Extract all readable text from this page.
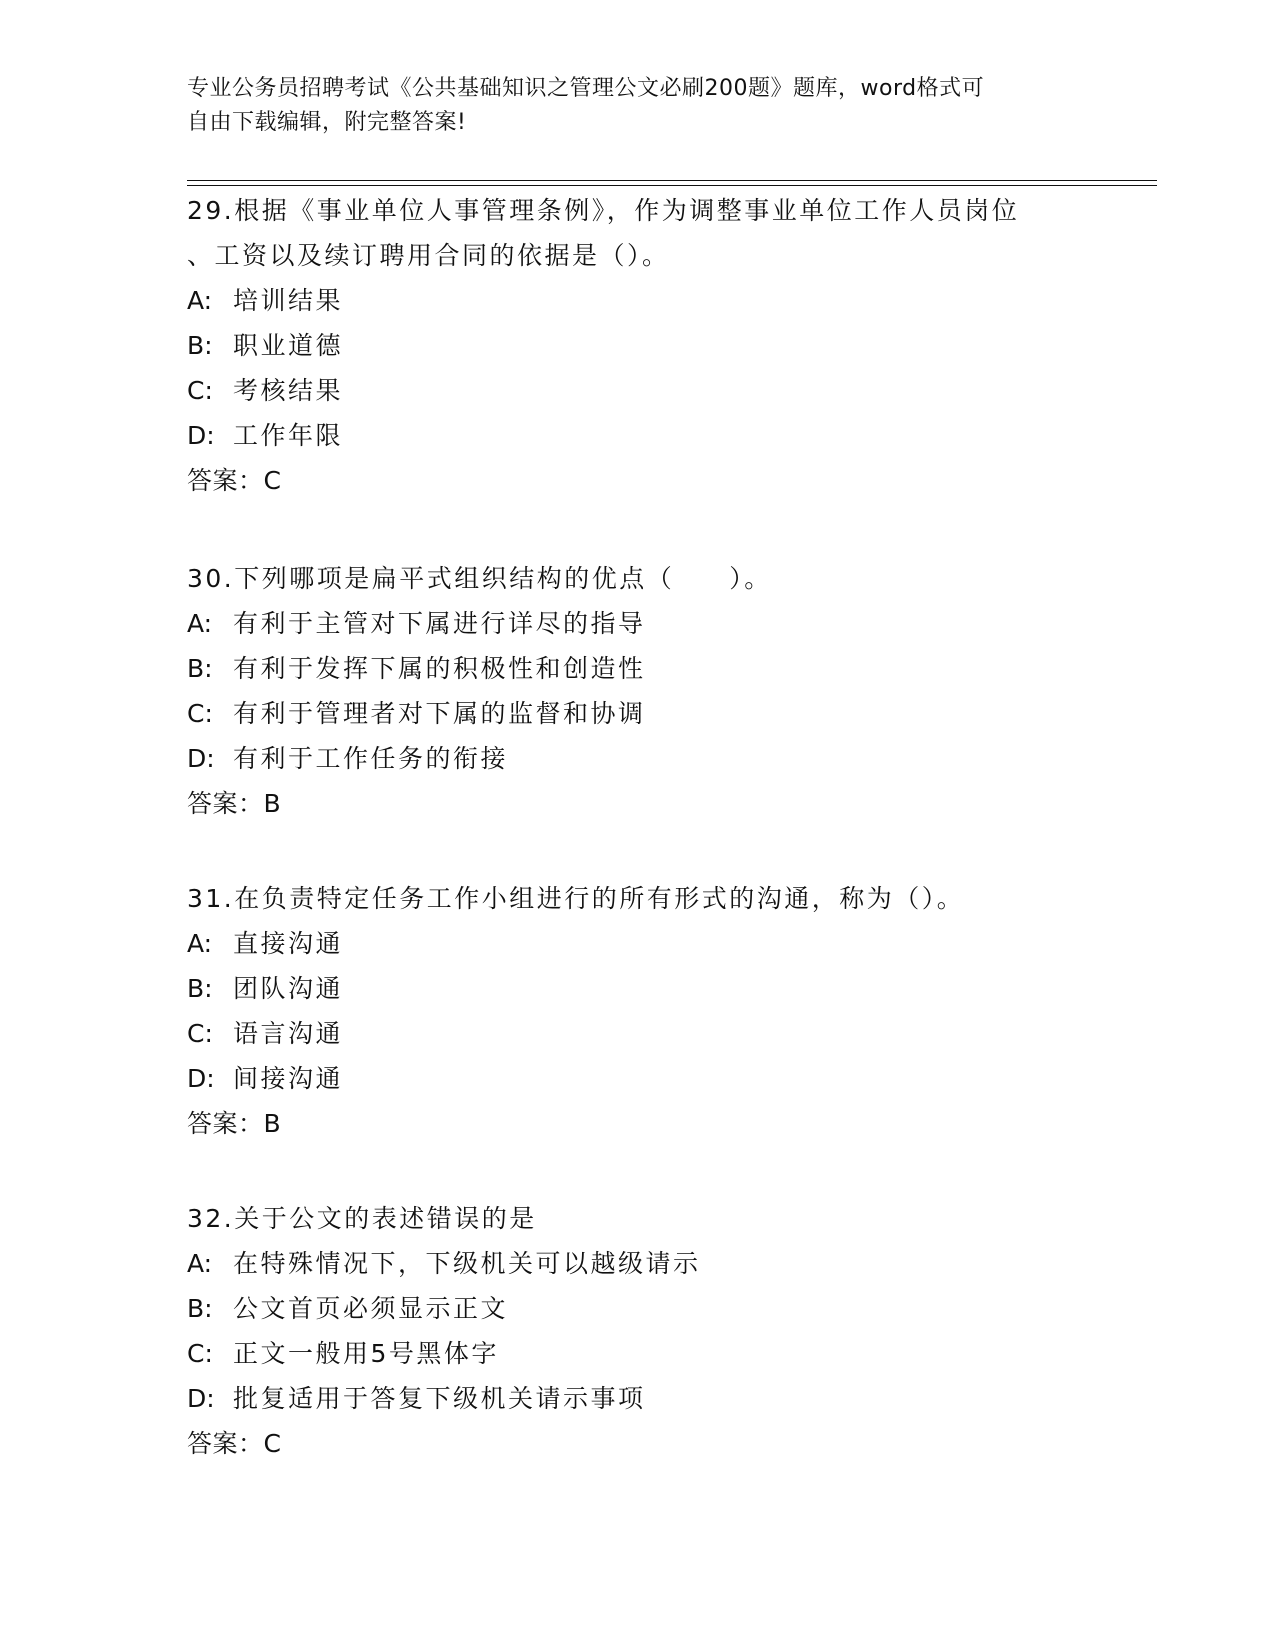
专业公务员招聘考试《公共基础知识之管理公文必刷200题》题库，word格式可
自由下载编辑，附完整答案!
29.根据《事业单位人事管理条例》，作为调整事业单位工作人员岗位
、工资以及续订聘用合同的依据是（）。
A: 培训结果
B: 职业道德
C: 考核结果
D: 工作年限
答案：C
30.下列哪项是扁平式组织结构的优点（　　）。
A: 有利于主管对下属进行详尽的指导
B: 有利于发挥下属的积极性和创造性
C: 有利于管理者对下属的监督和协调
D: 有利于工作任务的衔接
答案：B
31.在负责特定任务工作小组进行的所有形式的沟通，称为（）。
A: 直接沟通
B: 团队沟通
C: 语言沟通
D: 间接沟通
答案：B
32.关于公文的表述错误的是
A: 在特殊情况下，下级机关可以越级请示
B: 公文首页必须显示正文
C: 正文一般用5号黑体字
D: 批复适用于答复下级机关请示事项
答案：C
